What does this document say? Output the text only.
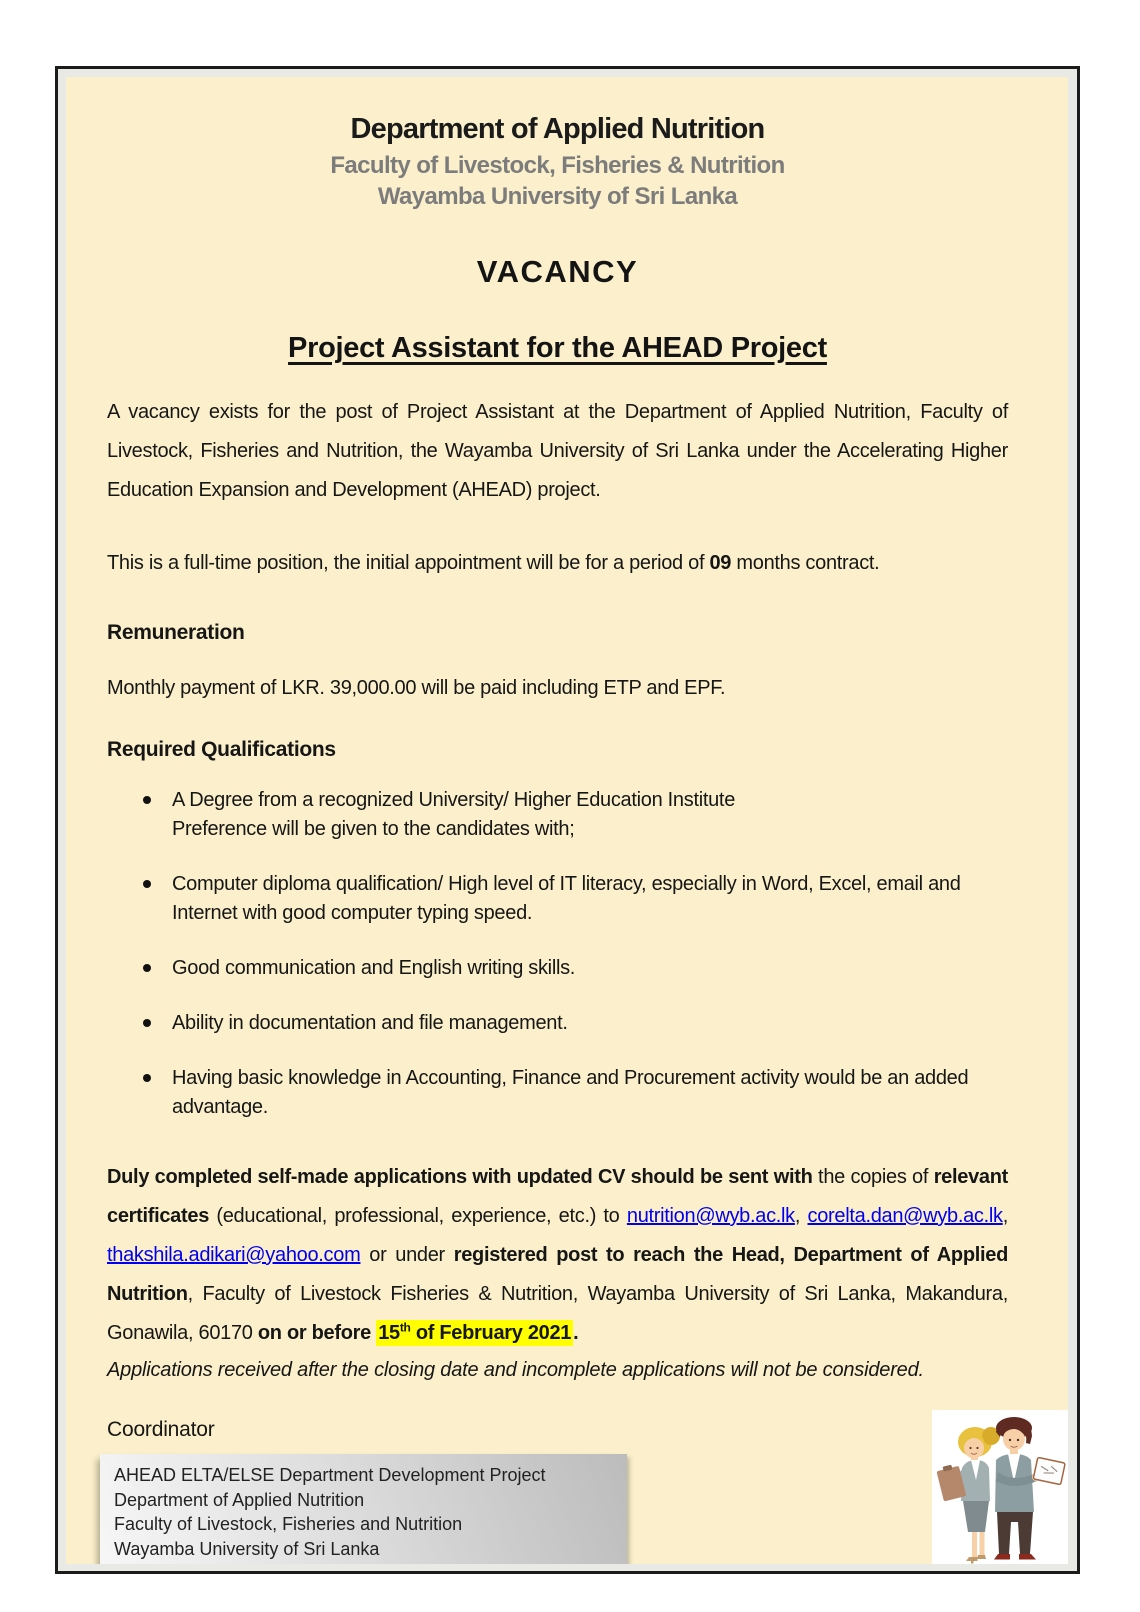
Department of Applied Nutrition
Faculty of Livestock, Fisheries & Nutrition
Wayamba University of Sri Lanka
VACANCY
Project Assistant for the AHEAD Project

A vacancy exists for the post of Project Assistant at the Department of Applied Nutrition, Faculty of Livestock, Fisheries and Nutrition, the Wayamba University of Sri Lanka under the Accelerating Higher Education Expansion and Development (AHEAD) project.

This is a full-time position, the initial appointment will be for a period of 09 months contract.

Remuneration

Monthly payment of LKR. 39,000.00 will be paid including ETP and EPF.

Required Qualifications
A Degree from a recognized University/ Higher Education Institute
Preference will be given to the candidates with;
Computer diploma qualification/ High level of IT literacy, especially in Word, Excel, email and Internet with good computer typing speed.
Good communication and English writing skills.
Ability in documentation and file management.
Having basic knowledge in Accounting, Finance and Procurement activity would be an added advantage.

Duly completed self-made applications with updated CV should be sent with the copies of relevant certificates (educational, professional, experience, etc.) to nutrition@wyb.ac.lk, corelta.dan@wyb.ac.lk, thakshila.adikari@yahoo.com or under registered post to reach the Head, Department of Applied Nutrition, Faculty of Livestock Fisheries & Nutrition, Wayamba University of Sri Lanka, Makandura, Gonawila, 60170 on or before 15th of February 2021 .

Applications received after the closing date and incomplete applications will not be considered.

Coordinator

AHEAD ELTA/ELSE Department Development Project
Department of Applied Nutrition
Faculty of Livestock, Fisheries and Nutrition
Wayamba University of Sri Lanka
